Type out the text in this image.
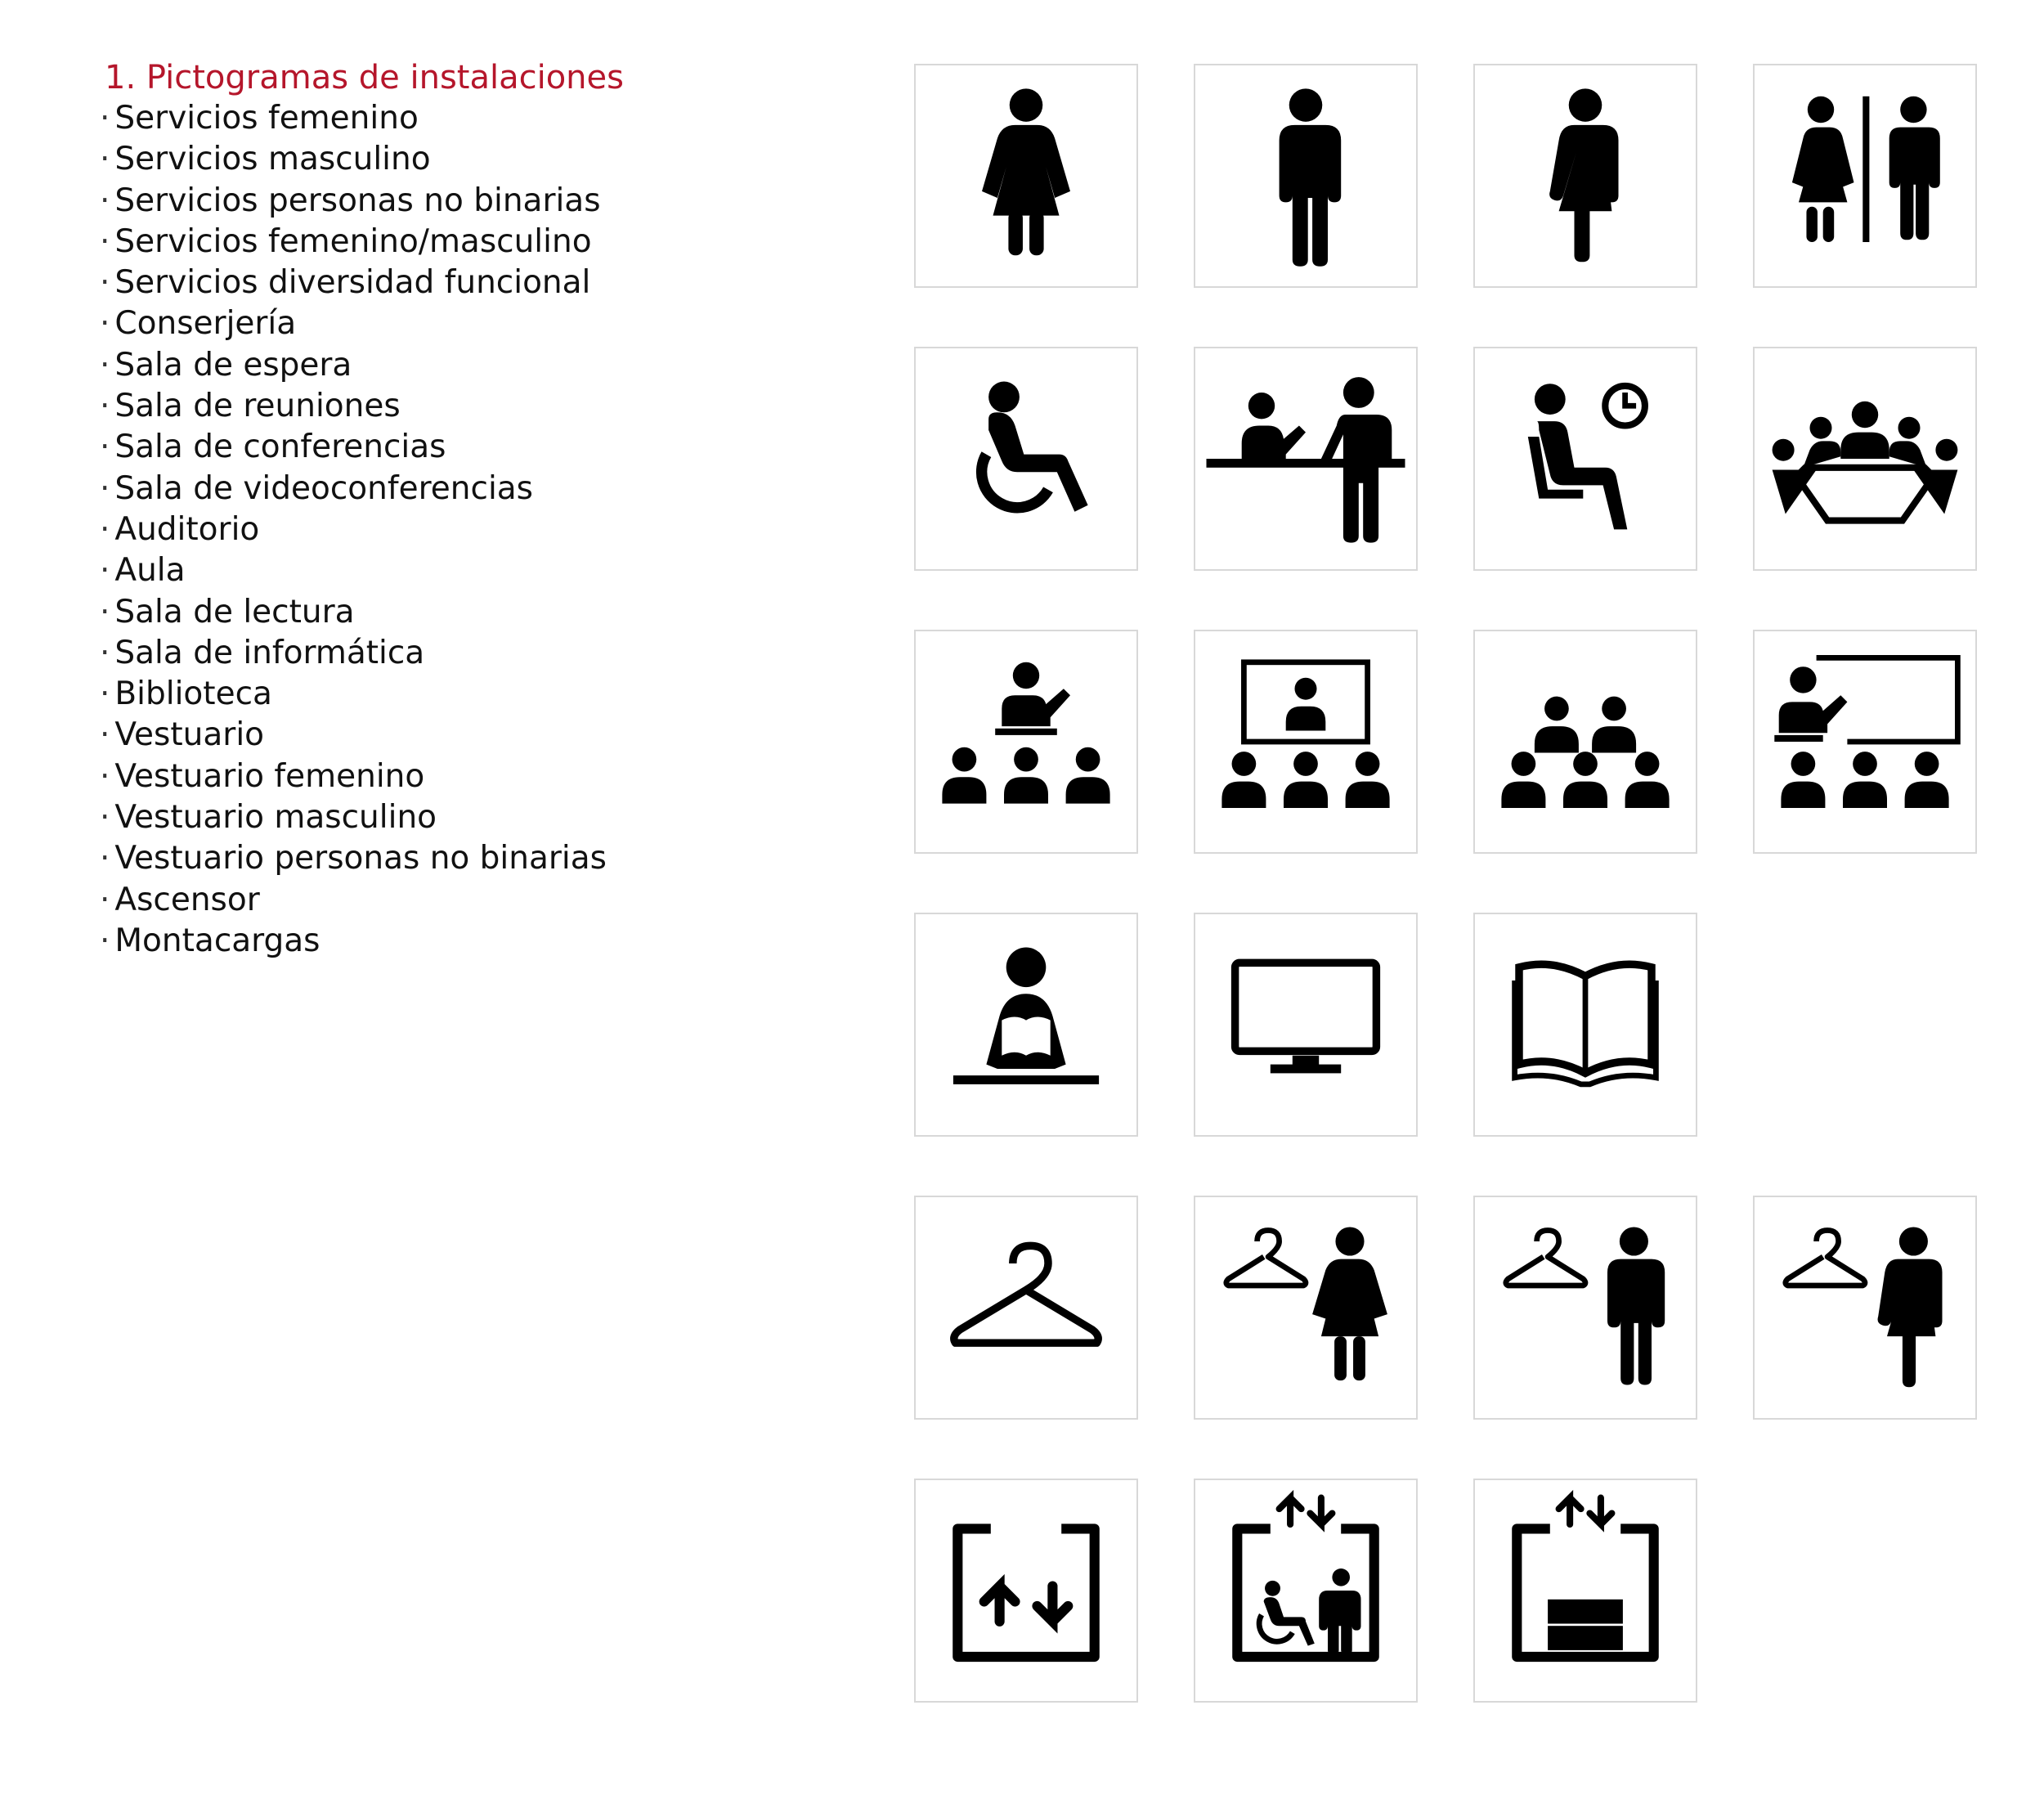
1. Pictogramas de instalaciones
· Servicios femenino
· Servicios masculino
· Servicios personas no binarias
· Servicios femenino/masculino
· Servicios diversidad funcional
· Conserjería
· Sala de espera
· Sala de reuniones
· Sala de conferencias
· Sala de videoconferencias
· Auditorio
· Aula
· Sala de lectura
· Sala de informática
· Biblioteca
· Vestuario
· Vestuario femenino
· Vestuario masculino
· Vestuario personas no binarias
· Ascensor
· Montacargas
